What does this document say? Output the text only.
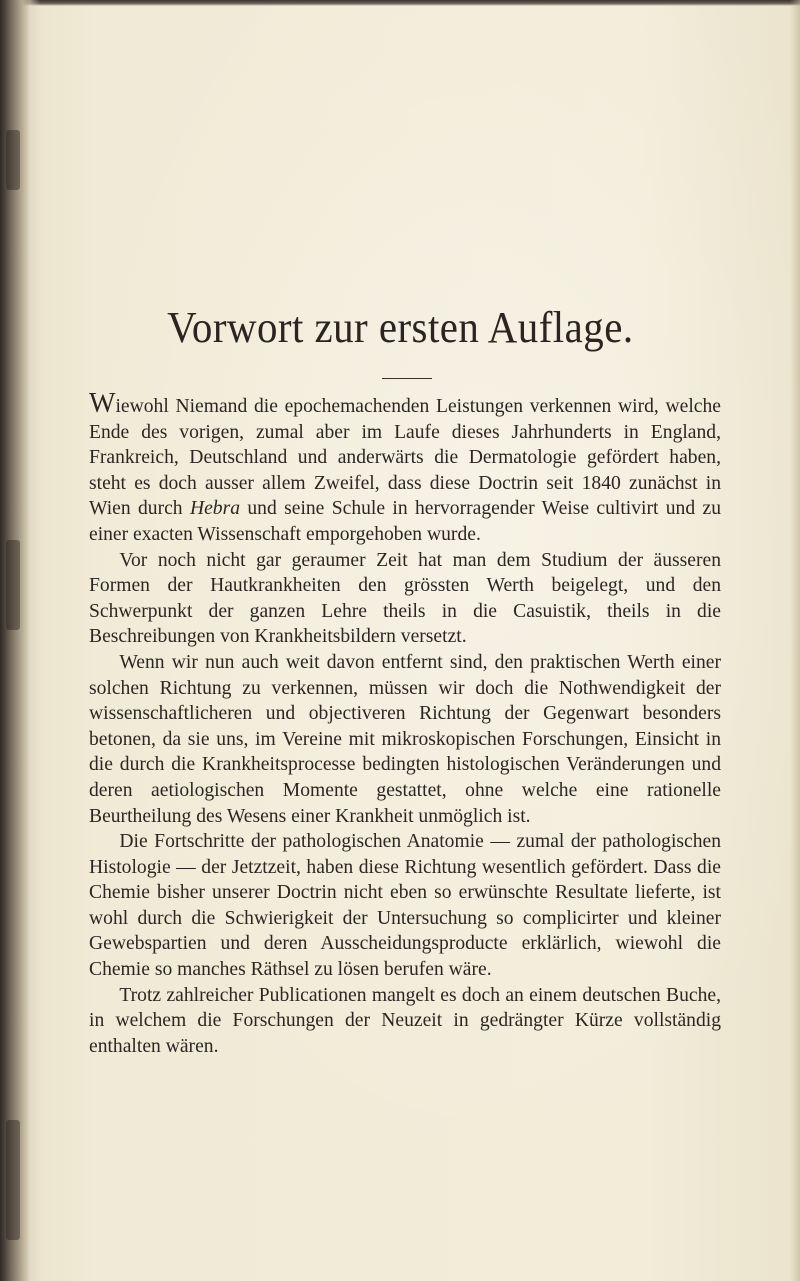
Vorwort zur ersten Auflage.

Wiewohl Niemand die epochemachenden Leistungen verkennen wird, welche Ende des vorigen, zumal aber im Laufe dieses Jahrhunderts in England, Frankreich, Deutschland und anderwärts die Dermatologie gefördert haben, steht es doch ausser allem Zweifel, dass diese Doctrin seit 1840 zunächst in Wien durch Hebra und seine Schule in hervorragender Weise cultivirt und zu einer exacten Wissenschaft emporgehoben wurde.

Vor noch nicht gar geraumer Zeit hat man dem Studium der äusseren Formen der Hautkrankheiten den grössten Werth beigelegt, und den Schwerpunkt der ganzen Lehre theils in die Casuistik, theils in die Beschreibungen von Krankheitsbildern versetzt.

Wenn wir nun auch weit davon entfernt sind, den praktischen Werth einer solchen Richtung zu verkennen, müssen wir doch die Nothwendigkeit der wissenschaftlicheren und objectiveren Richtung der Gegenwart besonders betonen, da sie uns, im Vereine mit mikroskopischen Forschungen, Einsicht in die durch die Krankheitsprocesse bedingten histologischen Veränderungen und deren aetiologischen Momente gestattet, ohne welche eine rationelle Beurtheilung des Wesens einer Krankheit unmöglich ist.

Die Fortschritte der pathologischen Anatomie — zumal der pathologischen Histologie — der Jetztzeit, haben diese Richtung wesentlich gefördert. Dass die Chemie bisher unserer Doctrin nicht eben so erwünschte Resultate lieferte, ist wohl durch die Schwierigkeit der Untersuchung so complicirter und kleiner Gewebspartien und deren Ausscheidungsproducte erklärlich, wiewohl die Chemie so manches Räthsel zu lösen berufen wäre.

Trotz zahlreicher Publicationen mangelt es doch an einem deutschen Buche, in welchem die Forschungen der Neuzeit in gedrängter Kürze vollständig enthalten wären.
